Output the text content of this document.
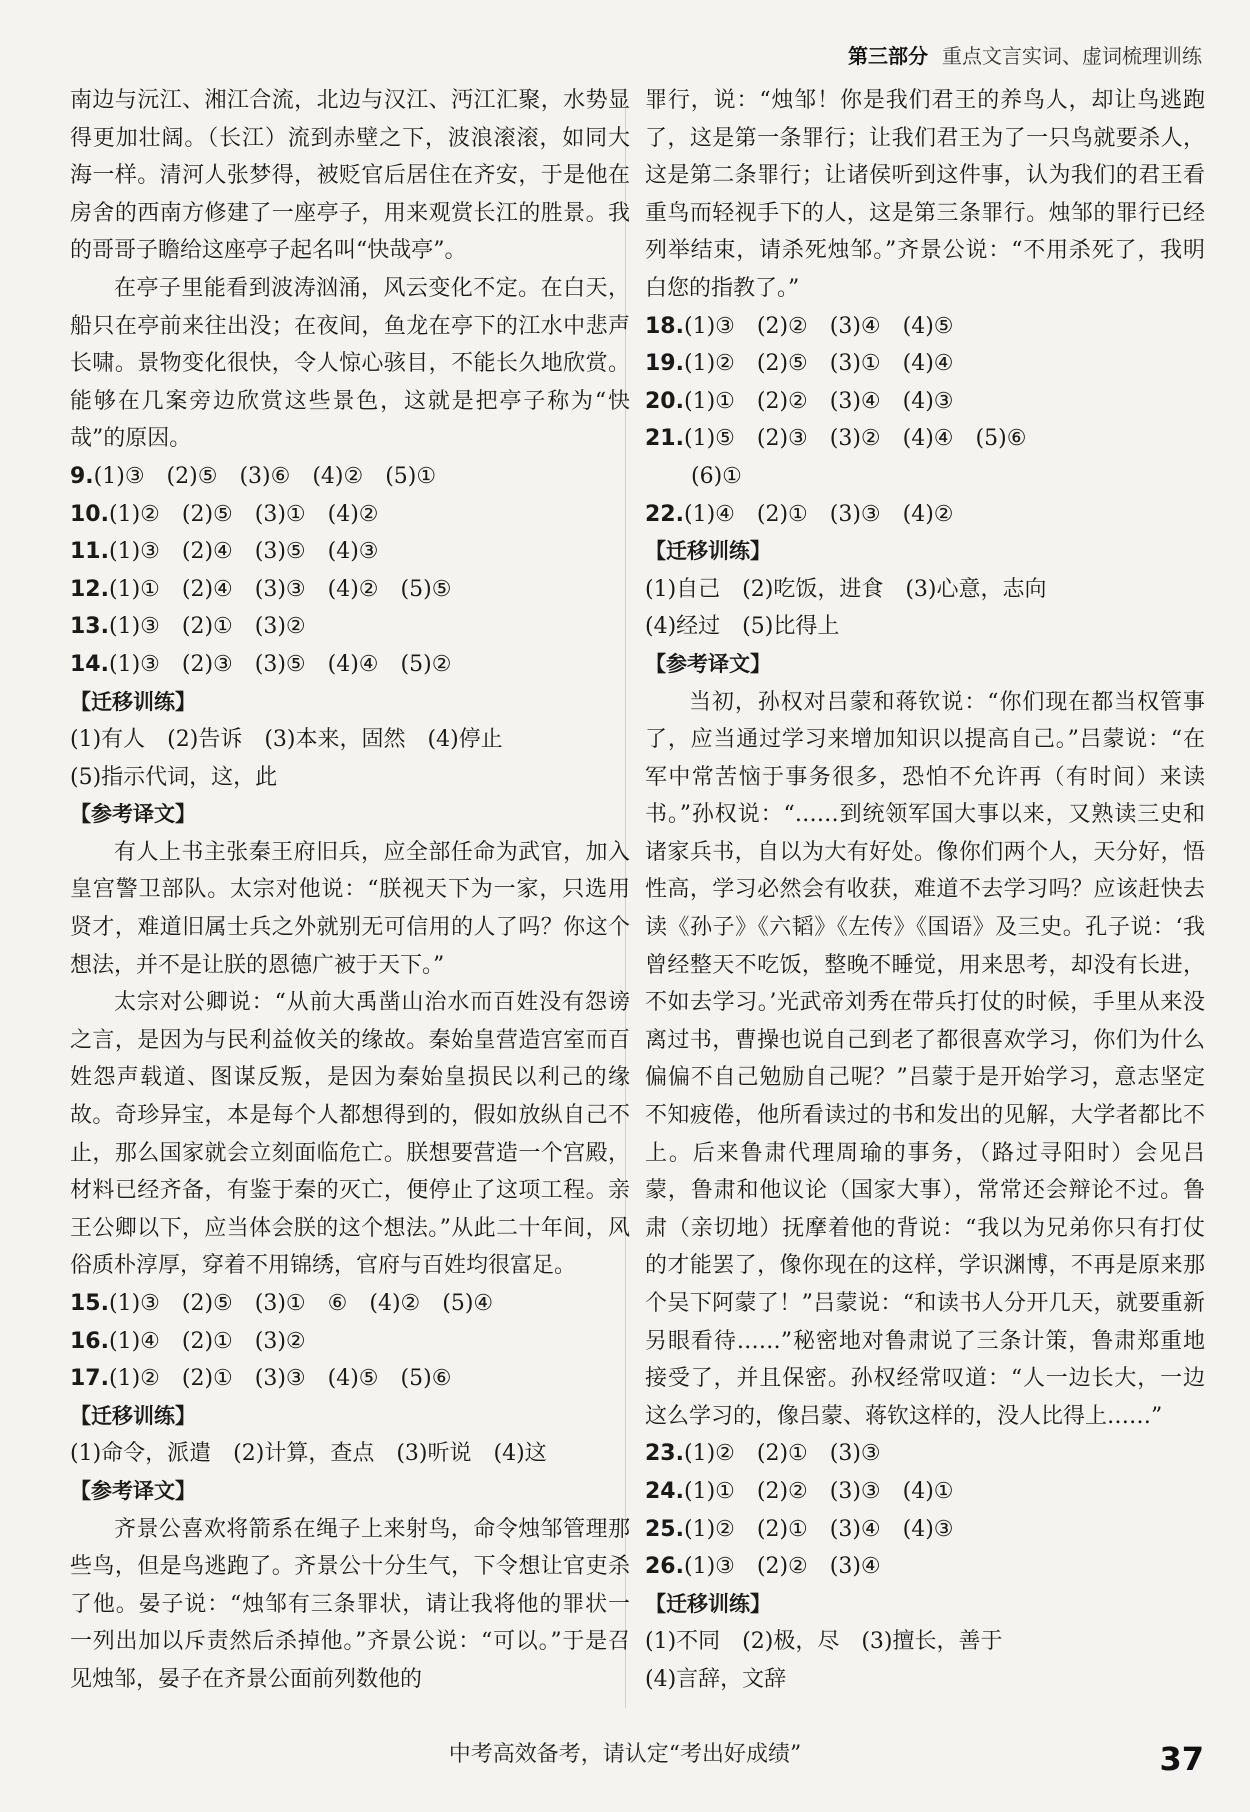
第三部分 重点文言实词、虚词梳理训练

南边与沅江、湘江合流，北边与汉江、沔江汇聚，水势显得更加壮阔。（长江）流到赤壁之下，波浪滚滚，如同大海一样。清河人张梦得，被贬官后居住在齐安，于是他在房舍的西南方修建了一座亭子，用来观赏长江的胜景。我的哥哥子瞻给这座亭子起名叫“快哉亭”。

在亭子里能看到波涛汹涌，风云变化不定。在白天，船只在亭前来往出没；在夜间，鱼龙在亭下的江水中悲声长啸。景物变化很快，令人惊心骇目，不能长久地欣赏。能够在几案旁边欣赏这些景色，这就是把亭子称为“快哉”的原因。

9.(1)③　(2)⑤　(3)⑥　(4)②　(5)①

10.(1)②　(2)⑤　(3)①　(4)②

11.(1)③　(2)④　(3)⑤　(4)③

12.(1)①　(2)④　(3)③　(4)②　(5)⑤

13.(1)③　(2)①　(3)②

14.(1)③　(2)③　(3)⑤　(4)④　(5)②

【迁移训练】

(1)有人　(2)告诉　(3)本来，固然　(4)停止

(5)指示代词，这，此

【参考译文】

有人上书主张秦王府旧兵，应全部任命为武官，加入皇宫警卫部队。太宗对他说：“朕视天下为一家，只选用贤才，难道旧属士兵之外就别无可信用的人了吗？你这个想法，并不是让朕的恩德广被于天下。”

太宗对公卿说：“从前大禹凿山治水而百姓没有怨谤之言，是因为与民利益攸关的缘故。秦始皇营造宫室而百姓怨声载道、图谋反叛，是因为秦始皇损民以利己的缘故。奇珍异宝，本是每个人都想得到的，假如放纵自己不止，那么国家就会立刻面临危亡。朕想要营造一个宫殿，材料已经齐备，有鉴于秦的灭亡，便停止了这项工程。亲王公卿以下，应当体会朕的这个想法。”从此二十年间，风俗质朴淳厚，穿着不用锦绣，官府与百姓均很富足。

15.(1)③　(2)⑤　(3)①　⑥　(4)②　(5)④

16.(1)④　(2)①　(3)②

17.(1)②　(2)①　(3)③　(4)⑤　(5)⑥

【迁移训练】

(1)命令，派遣　(2)计算，查点　(3)听说　(4)这

【参考译文】

齐景公喜欢将箭系在绳子上来射鸟，命令烛邹管理那些鸟，但是鸟逃跑了。齐景公十分生气，下令想让官吏杀了他。晏子说：“烛邹有三条罪状，请让我将他的罪状一一列出加以斥责然后杀掉他。”齐景公说：“可以。”于是召见烛邹，晏子在齐景公面前列数他的

罪行，说：“烛邹！你是我们君王的养鸟人，却让鸟逃跑了，这是第一条罪行；让我们君王为了一只鸟就要杀人，这是第二条罪行；让诸侯听到这件事，认为我们的君王看重鸟而轻视手下的人，这是第三条罪行。烛邹的罪行已经列举结束，请杀死烛邹。”齐景公说：“不用杀死了，我明白您的指教了。”

18.(1)③　(2)②　(3)④　(4)⑤

19.(1)②　(2)⑤　(3)①　(4)④

20.(1)①　(2)②　(3)④　(4)③

21.(1)⑤　(2)③　(3)②　(4)④　(5)⑥

(6)①

22.(1)④　(2)①　(3)③　(4)②

【迁移训练】

(1)自己　(2)吃饭，进食　(3)心意，志向

(4)经过　(5)比得上

【参考译文】

当初，孙权对吕蒙和蒋钦说：“你们现在都当权管事了，应当通过学习来增加知识以提高自己。”吕蒙说：“在军中常苦恼于事务很多，恐怕不允许再（有时间）来读书。”孙权说：“……到统领军国大事以来，又熟读三史和诸家兵书，自以为大有好处。像你们两个人，天分好，悟性高，学习必然会有收获，难道不去学习吗？应该赶快去读《孙子》《六韬》《左传》《国语》及三史。孔子说：‘我曾经整天不吃饭，整晚不睡觉，用来思考，却没有长进，不如去学习。’光武帝刘秀在带兵打仗的时候，手里从来没离过书，曹操也说自己到老了都很喜欢学习，你们为什么偏偏不自己勉励自己呢？”吕蒙于是开始学习，意志坚定不知疲倦，他所看读过的书和发出的见解，大学者都比不上。后来鲁肃代理周瑜的事务，（路过寻阳时）会见吕蒙，鲁肃和他议论（国家大事），常常还会辩论不过。鲁肃（亲切地）抚摩着他的背说：“我以为兄弟你只有打仗的才能罢了，像你现在的这样，学识渊博，不再是原来那个吴下阿蒙了！”吕蒙说：“和读书人分开几天，就要重新另眼看待……”秘密地对鲁肃说了三条计策，鲁肃郑重地接受了，并且保密。孙权经常叹道：“人一边长大，一边这么学习的，像吕蒙、蒋钦这样的，没人比得上……”

23.(1)②　(2)①　(3)③

24.(1)①　(2)②　(3)③　(4)①

25.(1)②　(2)①　(3)④　(4)③

26.(1)③　(2)②　(3)④

【迁移训练】

(1)不同　(2)极，尽　(3)擅长，善于

(4)言辞，文辞

中考高效备考，请认定“考出好成绩”	37
